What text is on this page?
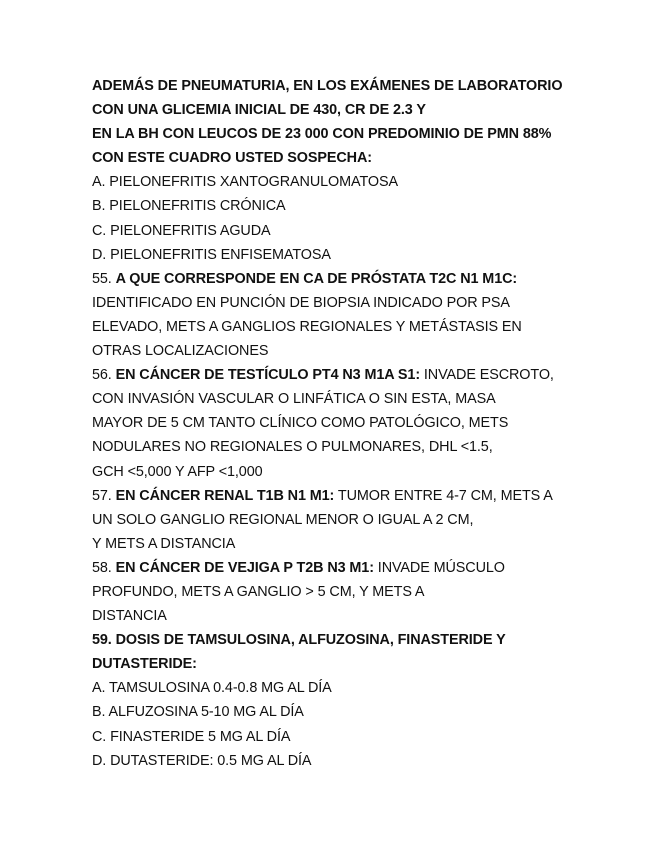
ADEMÁS DE PNEUMATURIA, EN LOS EXÁMENES DE LABORATORIO
CON UNA GLICEMIA INICIAL DE 430, CR DE 2.3 Y
EN LA BH CON LEUCOS DE 23 000 CON PREDOMINIO DE PMN 88%
CON ESTE CUADRO USTED SOSPECHA:
A. PIELONEFRITIS XANTOGRANULOMATOSA
B. PIELONEFRITIS CRÓNICA
C. PIELONEFRITIS AGUDA
D. PIELONEFRITIS ENFISEMATOSA
55. A QUE CORRESPONDE EN CA DE PRÓSTATA T2C N1 M1C:
IDENTIFICADO EN PUNCIÓN DE BIOPSIA INDICADO POR PSA
ELEVADO, METS A GANGLIOS REGIONALES Y METÁSTASIS EN
OTRAS LOCALIZACIONES
56. EN CÁNCER DE TESTÍCULO PT4 N3 M1A S1: INVADE ESCROTO,
CON INVASIÓN VASCULAR O LINFÁTICA O SIN ESTA, MASA
MAYOR DE 5 CM TANTO CLÍNICO COMO PATOLÓGICO, METS
NODULARES NO REGIONALES O PULMONARES, DHL <1.5,
GCH <5,000 Y AFP <1,000
57. EN CÁNCER RENAL T1B N1 M1: TUMOR ENTRE 4-7 CM, METS A
UN SOLO GANGLIO REGIONAL MENOR O IGUAL A 2 CM,
Y METS A DISTANCIA
58. EN CÁNCER DE VEJIGA P T2B N3 M1: INVADE MÚSCULO
PROFUNDO, METS A GANGLIO > 5 CM, Y METS A
DISTANCIA
59. DOSIS DE TAMSULOSINA, ALFUZOSINA, FINASTERIDE Y
DUTASTERIDE:
A. TAMSULOSINA 0.4-0.8 MG AL DÍA
B. ALFUZOSINA 5-10 MG AL DÍA
C. FINASTERIDE 5 MG AL DÍA
D. DUTASTERIDE: 0.5 MG AL DÍA
